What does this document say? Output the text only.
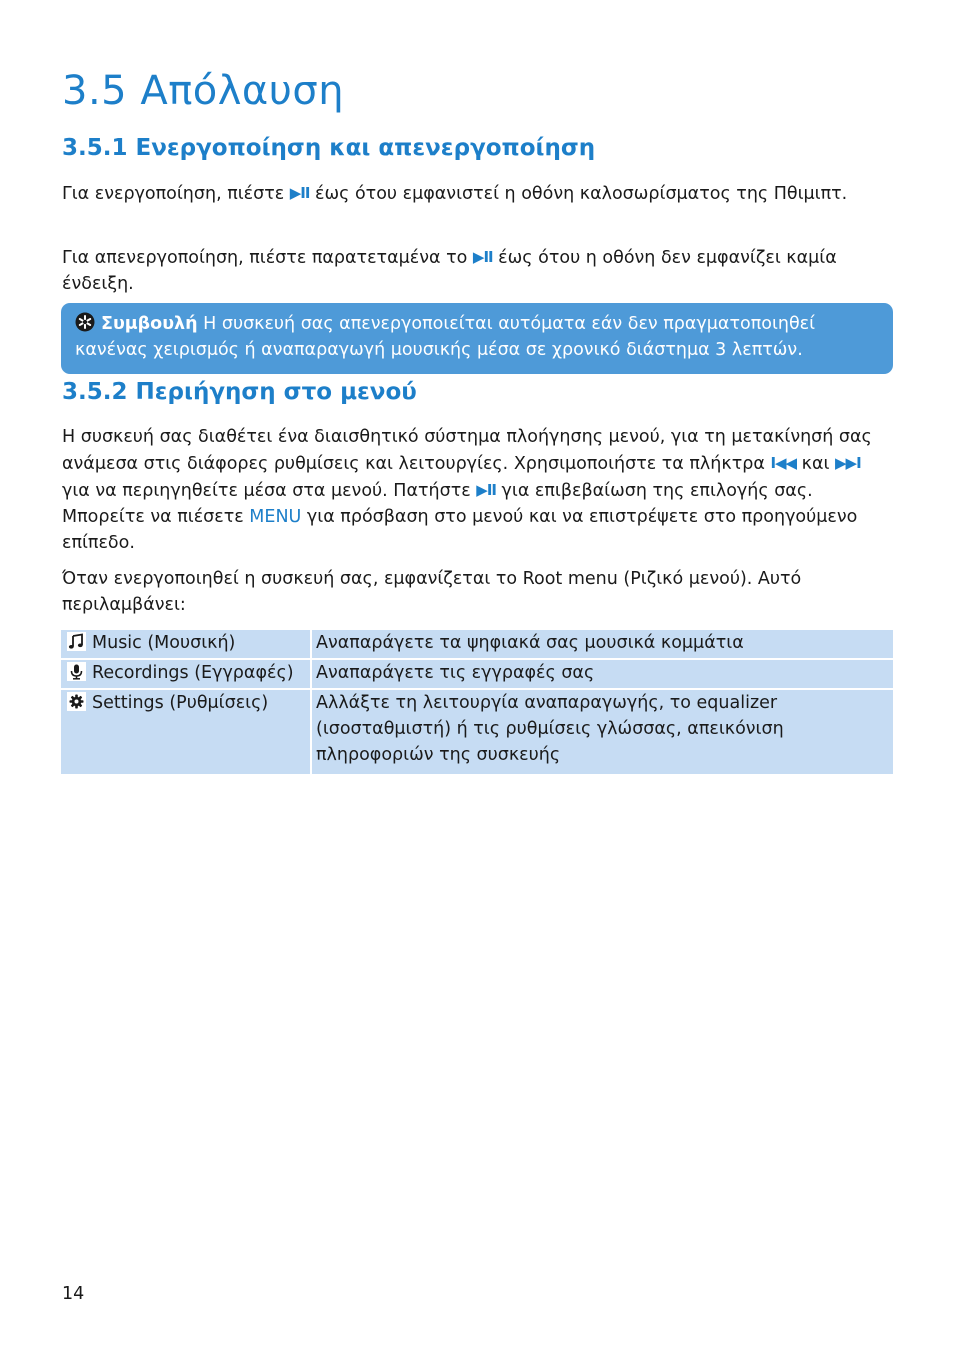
3.5 Απόλαυση
3.5.1 Ενεργοποίηση και απενεργοποίηση

Για ενεργοποίηση, πιέστε ▶II έως ότου εμφανιστεί η οθόνη καλοσωρίσματος της Πθιμιπτ.

Για απενεργοποίηση, πιέστε παρατεταμένα το ▶II έως ότου η οθόνη δεν εμφανίζει καμία ένδειξη.

Συμβουλή Η συσκευή σας απενεργοποιείται αυτόματα εάν δεν πραγματοποιηθεί κανένας χειρισμός ή αναπαραγωγή μουσικής μέσα σε χρονικό διάστημα 3 λεπτών.
3.5.2 Περιήγηση στο μενού

Η συσκευή σας διαθέτει ένα διαισθητικό σύστημα πλοήγησης μενού, για τη μετακίνησή σας ανάμεσα στις διάφορες ρυθμίσεις και λειτουργίες. Χρησιμοποιήστε τα πλήκτρα I◀◀ και ▶▶I για να περιηγηθείτε μέσα στα μενού. Πατήστε ▶II για επιβεβαίωση της επιλογής σας. Μπορείτε να πιέσετε MENU για πρόσβαση στο μενού και να επιστρέψετε στο προηγούμενο επίπεδο.

Όταν ενεργοποιηθεί η συσκευή σας, εμφανίζεται το Root menu (Ριζικό μενού). Αυτό περιλαμβάνει:

Music (Μουσική)	Αναπαράγετε τα ψηφιακά σας μουσικά κομμάτια
Recordings (Εγγραφές)	Αναπαράγετε τις εγγραφές σας
Settings (Ρυθμίσεις)	Αλλάξτε τη λειτουργία αναπαραγωγής, το equalizer (ισοσταθμιστή) ή τις ρυθμίσεις γλώσσας, απεικόνιση πληροφοριών της συσκευής

14
